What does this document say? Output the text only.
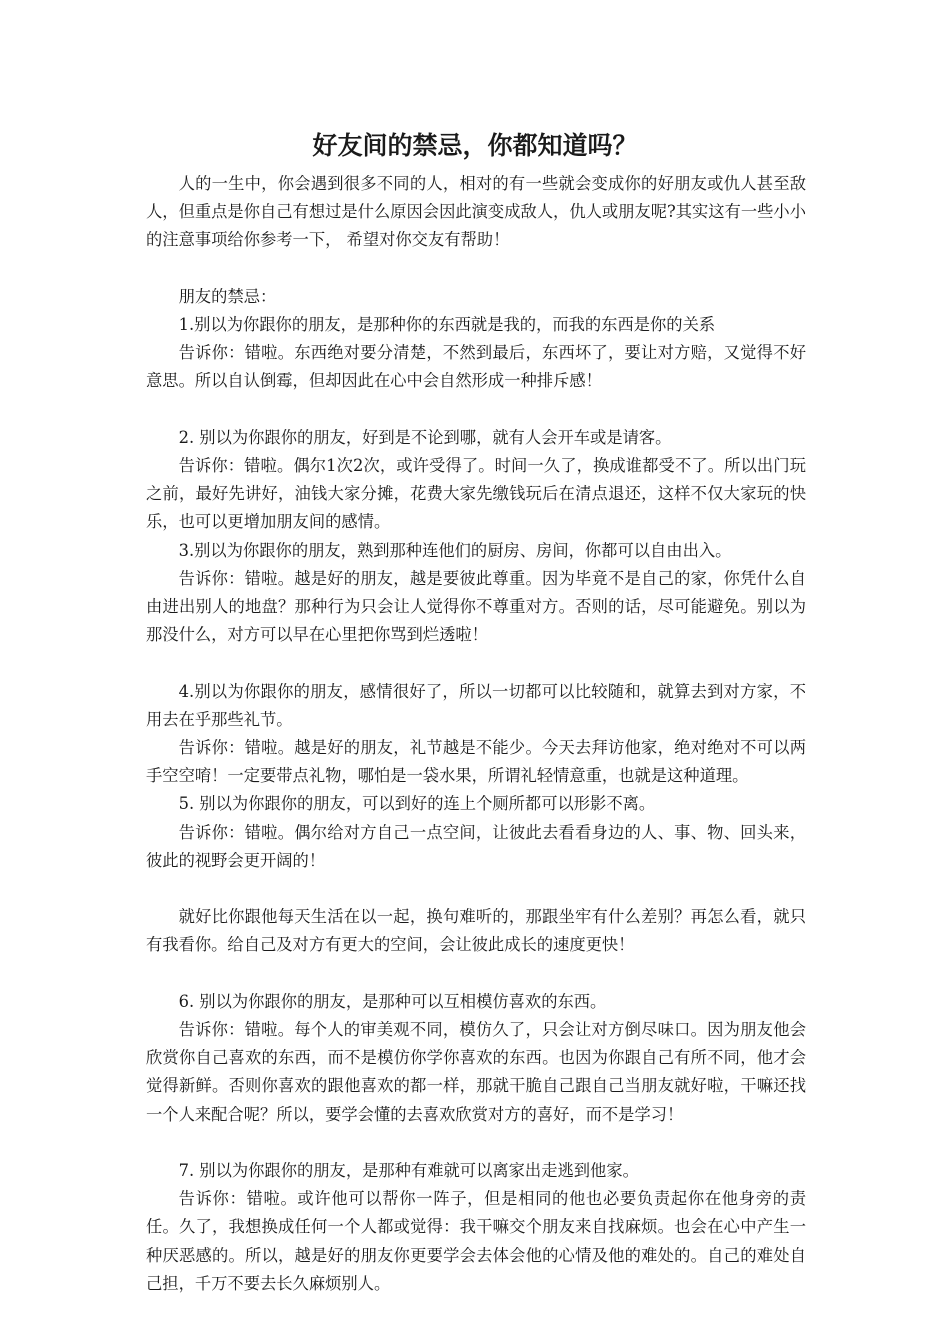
好友间的禁忌，你都知道吗？

人的一生中，你会遇到很多不同的人，相对的有一些就会变成你的好朋友或仇人甚至敌人，但重点是你自己有想过是什么原因会因此演变成敌人，仇人或朋友呢?其实这有一些小小的注意事项给你参考一下， 希望对你交友有帮助！

朋友的禁忌：

1.别以为你跟你的朋友，是那种你的东西就是我的，而我的东西是你的关系

告诉你：错啦。东西绝对要分清楚，不然到最后，东西坏了，要让对方赔，又觉得不好意思。所以自认倒霉，但却因此在心中会自然形成一种排斥感！

2. 别以为你跟你的朋友，好到是不论到哪，就有人会开车或是请客。

告诉你：错啦。偶尔1次2次，或许受得了。时间一久了，换成谁都受不了。所以出门玩之前，最好先讲好，油钱大家分摊，花费大家先缴钱玩后在清点退还，这样不仅大家玩的快乐，也可以更增加朋友间的感情。

3.别以为你跟你的朋友，熟到那种连他们的厨房、房间，你都可以自由出入。

告诉你：错啦。越是好的朋友，越是要彼此尊重。因为毕竟不是自己的家，你凭什么自由进出别人的地盘？那种行为只会让人觉得你不尊重对方。否则的话，尽可能避免。别以为那没什么，对方可以早在心里把你骂到烂透啦！

4.别以为你跟你的朋友，感情很好了，所以一切都可以比较随和，就算去到对方家，不用去在乎那些礼节。

告诉你：错啦。越是好的朋友，礼节越是不能少。今天去拜访他家，绝对绝对不可以两手空空唷！一定要带点礼物，哪怕是一袋水果，所谓礼轻情意重，也就是这种道理。

5. 别以为你跟你的朋友，可以到好的连上个厕所都可以形影不离。

告诉你：错啦。偶尔给对方自己一点空间，让彼此去看看身边的人、事、物、回头来，彼此的视野会更开阔的！

就好比你跟他每天生活在以一起，换句难听的，那跟坐牢有什么差别？再怎么看，就只有我看你。给自己及对方有更大的空间，会让彼此成长的速度更快！

6. 别以为你跟你的朋友，是那种可以互相模仿喜欢的东西。

告诉你：错啦。每个人的审美观不同，模仿久了，只会让对方倒尽味口。因为朋友他会欣赏你自己喜欢的东西，而不是模仿你学你喜欢的东西。也因为你跟自己有所不同，他才会觉得新鲜。否则你喜欢的跟他喜欢的都一样，那就干脆自己跟自己当朋友就好啦，干嘛还找一个人来配合呢？所以，要学会懂的去喜欢欣赏对方的喜好，而不是学习！

7. 别以为你跟你的朋友，是那种有难就可以离家出走逃到他家。

告诉你：错啦。或许他可以帮你一阵子，但是相同的他也必要负责起你在他身旁的责任。久了，我想换成任何一个人都或觉得：我干嘛交个朋友来自找麻烦。也会在心中产生一种厌恶感的。所以，越是好的朋友你更要学会去体会他的心情及他的难处的。自己的难处自己担，千万不要去长久麻烦别人。
